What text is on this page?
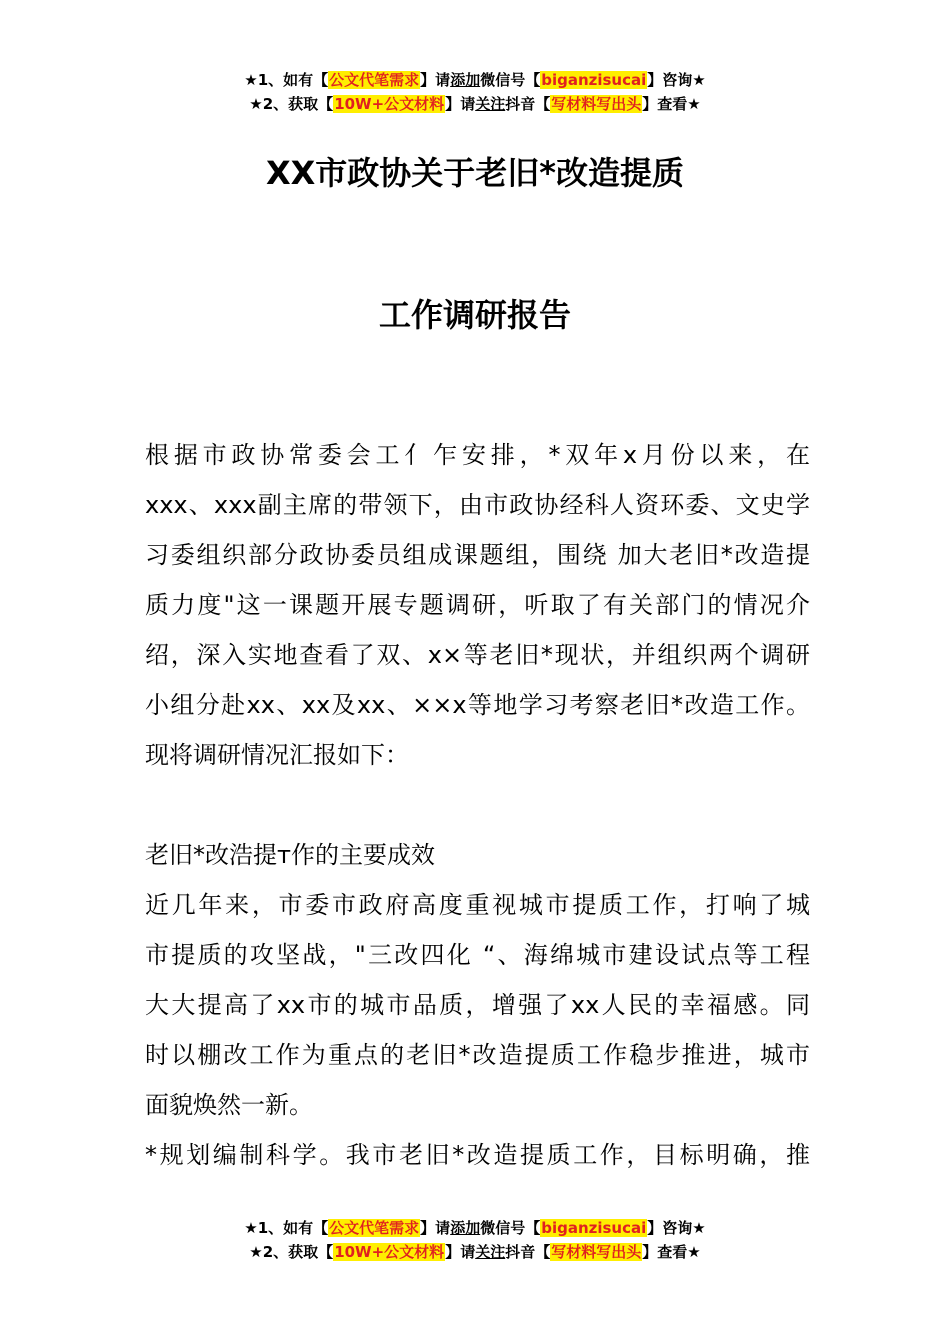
★1、如有【公文代笔需求】请添加微信号【biganzisucai】咨询★
★2、获取【10W+公文材料】请关注抖音【写材料写出头】查看★
XX市政协关于老旧*改造提质
工作调研报告
根据市政协常委会工亻乍安排，*双年x月份以来，在
xxx、xxx副主席的带领下，由市政协经科人资环委、文史学
习委组织部分政协委员组成课题组，围绕 加大老旧*改造提
质力度"这一课题开展专题调研，听取了有关部门的情况介
绍，深入实地查看了双、x×等老旧*现状，并组织两个调研
小组分赴xx、xx及xx、××x等地学习考察老旧*改造工作。
现将调研情况汇报如下：
老旧*改浩提т作的主要成效
近几年来，市委市政府高度重视城市提质工作，打响了城
市提质的攻坚战，"三改四化 “、海绵城市建设试点等工程
大大提高了xx市的城市品质，增强了xx人民的幸福感。同
时以棚改工作为重点的老旧*改造提质工作稳步推进，城市
面貌焕然一新。
*规划编制科学。我市老旧*改造提质工作，目标明确，推
★1、如有【公文代笔需求】请添加微信号【biganzisucai】咨询★
★2、获取【10W+公文材料】请关注抖音【写材料写出头】查看★
